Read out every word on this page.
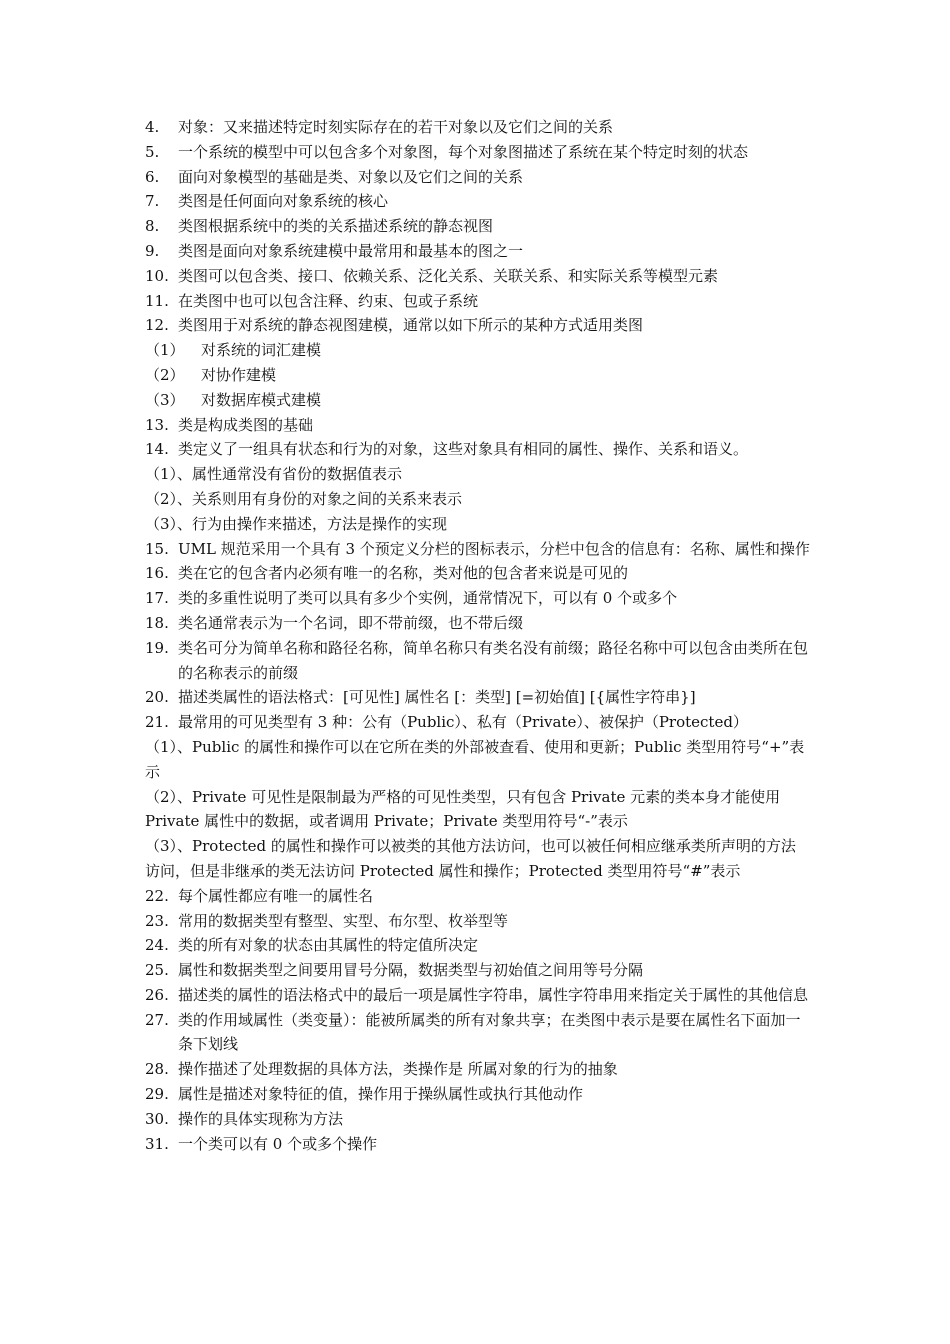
4.	对象：又来描述特定时刻实际存在的若干对象以及它们之间的关系
5.	一个系统的模型中可以包含多个对象图，每个对象图描述了系统在某个特定时刻的状态
6.	面向对象模型的基础是类、对象以及它们之间的关系
7.	类图是任何面向对象系统的核心
8.	类图根据系统中的类的关系描述系统的静态视图
9.	类图是面向对象系统建模中最常用和最基本的图之一
10. 类图可以包含类、接口、依赖关系、泛化关系、关联关系、和实际关系等模型元素
11. 在类图中也可以包含注释、约束、包或子系统
12. 类图用于对系统的静态视图建模，通常以如下所示的某种方式适用类图
（1） 对系统的词汇建模
（2） 对协作建模
（3） 对数据库模式建模
13. 类是构成类图的基础
14. 类定义了一组具有状态和行为的对象，这些对象具有相同的属性、操作、关系和语义。
（1）、属性通常没有省份的数据值表示
（2）、关系则用有身份的对象之间的关系来表示
（3）、行为由操作来描述，方法是操作的实现
15. UML 规范采用一个具有 3 个预定义分栏的图标表示，分栏中包含的信息有：名称、属性和操作
16. 类在它的包含者内必须有唯一的名称，类对他的包含者来说是可见的
17. 类的多重性说明了类可以具有多少个实例，通常情况下，可以有 0 个或多个
18. 类名通常表示为一个名词，即不带前缀，也不带后缀
19. 类名可分为简单名称和路径名称，简单名称只有类名没有前缀；路径名称中可以包含由类所在包的名称表示的前缀
20. 描述类属性的语法格式：[可见性] 属性名 [：类型] [=初始值] [{属性字符串}]
21. 最常用的可见类型有 3 种：公有（Public）、私有（Private）、被保护（Protected）
（1）、Public 的属性和操作可以在它所在类的外部被查看、使用和更新；Public 类型用符号“+”表示
（2）、Private 可见性是限制最为严格的可见性类型，只有包含 Private 元素的类本身才能使用 Private 属性中的数据，或者调用 Private；Private 类型用符号“-”表示
（3）、Protected 的属性和操作可以被类的其他方法访问，也可以被任何相应继承类所声明的方法访问，但是非继承的类无法访问 Protected 属性和操作；Protected 类型用符号“#”表示
22. 每个属性都应有唯一的属性名
23. 常用的数据类型有整型、实型、布尔型、枚举型等
24. 类的所有对象的状态由其属性的特定值所决定
25. 属性和数据类型之间要用冒号分隔，数据类型与初始值之间用等号分隔
26. 描述类的属性的语法格式中的最后一项是属性字符串，属性字符串用来指定关于属性的其他信息
27. 类的作用域属性（类变量）：能被所属类的所有对象共享；在类图中表示是要在属性名下面加一条下划线
28. 操作描述了处理数据的具体方法，类操作是 所属对象的行为的抽象
29. 属性是描述对象特征的值，操作用于操纵属性或执行其他动作
30. 操作的具体实现称为方法
31. 一个类可以有 0 个或多个操作
